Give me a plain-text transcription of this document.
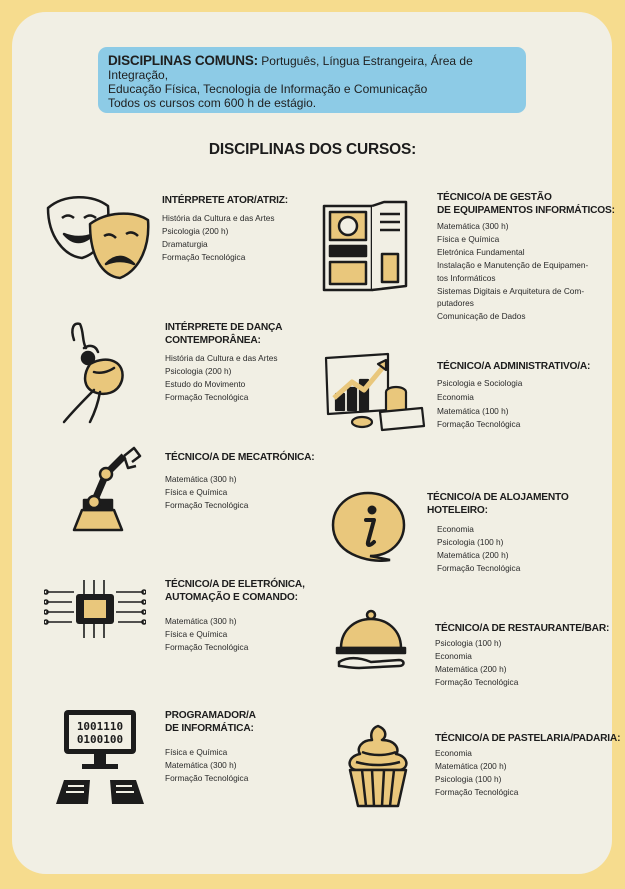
DISCIPLINAS COMUNS: Português, Língua Estrangeira, Área de Integração,
Educação Física, Tecnologia de Informação e Comunicação
Todos os cursos com 600 h de estágio.
DISCIPLINAS DOS CURSOS:
INTÉRPRETE ATOR/ATRIZ:
História da Cultura e das Artes
Psicologia (200 h)
Dramaturgia
Formação Tecnológica
INTÉRPRETE DE DANÇA
CONTEMPORÂNEA:
História da Cultura e das Artes
Psicologia (200 h)
Estudo do Movimento
Formação Tecnológica
TÉCNICO/A DE MECATRÓNICA:
Matemática (300 h)
Física e Química
Formação Tecnológica
TÉCNICO/A DE ELETRÓNICA,
AUTOMAÇÃO E COMANDO:
Matemática (300 h)
Física e Química
Formação Tecnológica
PROGRAMADOR/A
DE INFORMÁTICA:
Física e Química
Matemática (300 h)
Formação Tecnológica
TÉCNICO/A DE GESTÃO
DE EQUIPAMENTOS INFORMÁTICOS:
Matemática (300 h)
Física e Química
Eletrónica Fundamental
Instalação e Manutenção de Equipamen-
tos Informáticos
Sistemas Digitais e Arquitetura de Com-
putadores
Comunicação de Dados
TÉCNICO/A ADMINISTRATIVO/A:
Psicologia e Sociologia
Economia
Matemática (100 h)
Formação Tecnológica
TÉCNICO/A DE ALOJAMENTO HOTELEIRO:
Economia
Psicologia (100 h)
Matemática (200 h)
Formação Tecnológica
TÉCNICO/A DE RESTAURANTE/BAR:
Psicologia (100 h)
Economia
Matemática (200 h)
Formação Tecnológica
TÉCNICO/A DE PASTELARIA/PADARIA:
Economia
Matemática (200 h)
Psicologia (100 h)
Formação Tecnológica
1001110
0100100
